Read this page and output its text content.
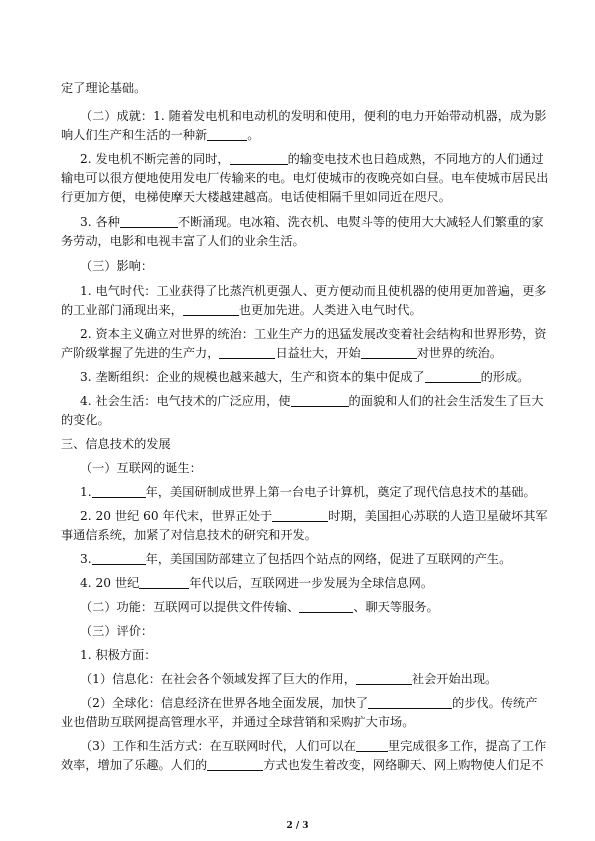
定了理论基础。
（二）成就：1. 随着发电机和电动机的发明和使用，便利的电力开始带动机器，成为影
响人们生产和生活的一种新	。
2. 发电机不断完善的同时，	的输变电技术也日趋成熟，不同地方的人们通过
输电可以很方便地使用发电厂传输来的电。电灯使城市的夜晚亮如白昼。电车使城市居民出
行更加方便，电梯使摩天大楼越建越高。电话使相隔千里如同近在咫尺。
3. 各种	不断涌现。电冰箱、洗衣机、电熨斗等的使用大大减轻人们繁重的家
务劳动，电影和电视丰富了人们的业余生活。
（三）影响：
1. 电气时代：工业获得了比蒸汽机更强人、更方便动而且使机器的使用更加普遍，更多
的工业部门涌现出来，	也更加先进。人类进入电气时代。
2. 资本主义确立对世界的统治：工业生产力的迅猛发展改变着社会结构和世界形势，资
产阶级掌握了先进的生产力，	日益壮大，开始	对世界的统治。
3. 垄断组织：企业的规模也越来越大，生产和资本的集中促成了	的形成。
4. 社会生活：电气技术的广泛应用，使	的面貌和人们的社会生活发生了巨大
的变化。
三、信息技术的发展
（一）互联网的诞生：
1.	年，美国研制成世界上第一台电子计算机，奠定了现代信息技术的基础。
2. 20 世纪 60 年代末，世界正处于	时期，美国担心苏联的人造卫星破坏其军
事通信系统，加紧了对信息技术的研究和开发。
3.	年，美国国防部建立了包括四个站点的网络，促进了互联网的产生。
4. 20 世纪	年代以后，互联网进一步发展为全球信息网。
（二）功能：互联网可以提供文件传输、	、聊天等服务。
（三）评价：
1. 积极方面：
（1）信息化：在社会各个领域发挥了巨大的作用，	社会开始出现。
（2）全球化：信息经济在世界各地全面发展，加快了	的步伐。传统产
业也借助互联网提高管理水平，并通过全球营销和采购扩大市场。
（3）工作和生活方式：在互联网时代，人们可以在	里完成很多工作，提高了工作
效率，增加了乐趣。人们的	方式也发生着改变，网络聊天、网上购物使人们足不
2 / 3
